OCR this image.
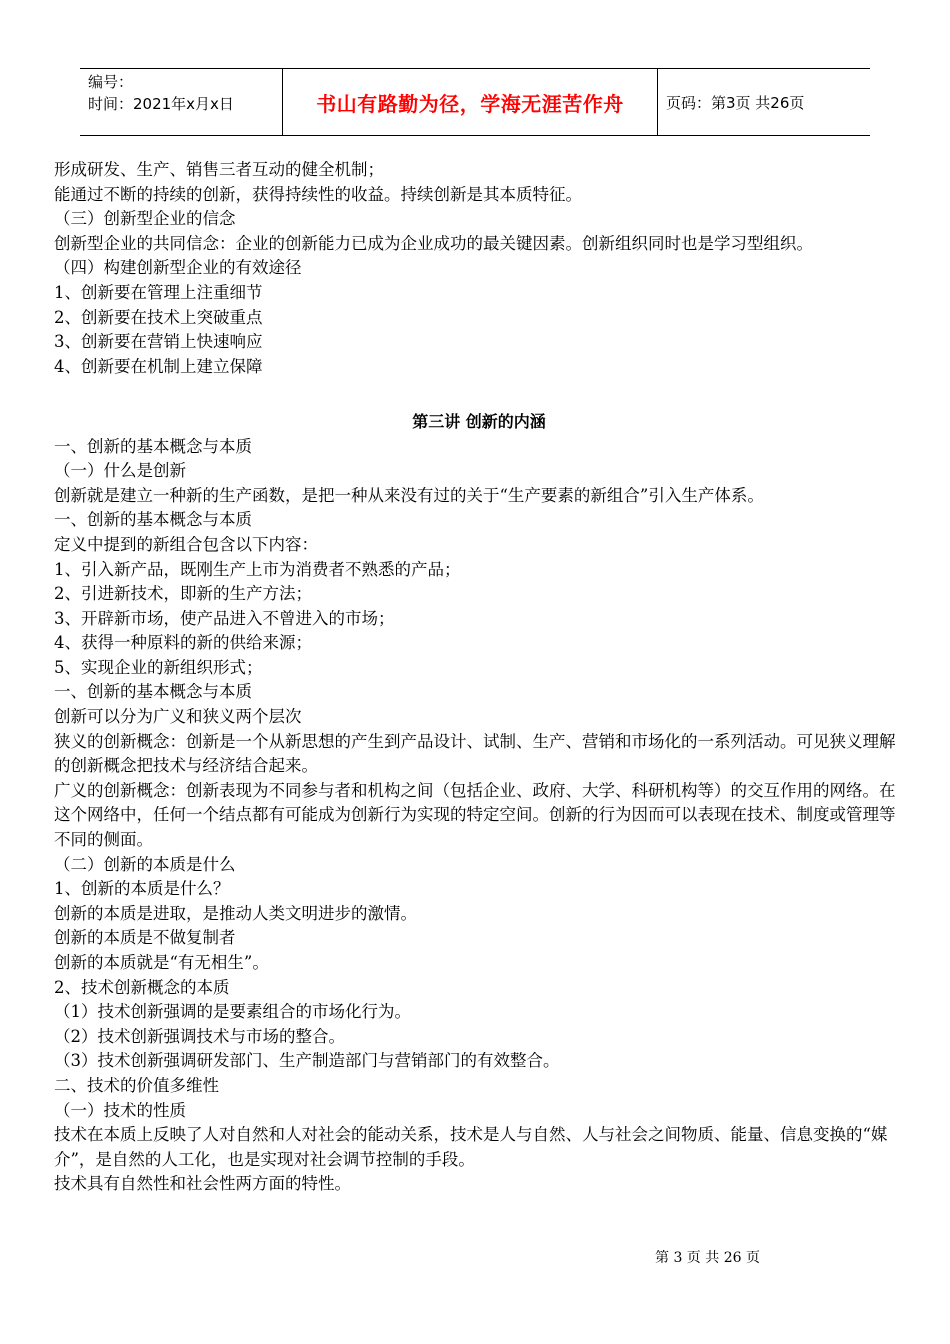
编号：
时间：2021年x月x日	书山有路勤为径，学海无涯苦作舟	页码：第3页 共26页

形成研发、生产、销售三者互动的健全机制；

能通过不断的持续的创新，获得持续性的收益。持续创新是其本质特征。

（三）创新型企业的信念

创新型企业的共同信念：企业的创新能力已成为企业成功的最关键因素。创新组织同时也是学习型组织。

（四）构建创新型企业的有效途径

1、创新要在管理上注重细节

2、创新要在技术上突破重点

3、创新要在营销上快速响应

4、创新要在机制上建立保障

第三讲 创新的内涵

一、创新的基本概念与本质

（一）什么是创新

创新就是建立一种新的生产函数，是把一种从来没有过的关于“生产要素的新组合”引入生产体系。

一、创新的基本概念与本质

定义中提到的新组合包含以下内容：

1、引入新产品，既刚生产上市为消费者不熟悉的产品；

2、引进新技术，即新的生产方法；

3、开辟新市场，使产品进入不曾进入的市场；

4、获得一种原料的新的供给来源；

5、实现企业的新组织形式；

一、创新的基本概念与本质

创新可以分为广义和狭义两个层次

狭义的创新概念：创新是一个从新思想的产生到产品设计、试制、生产、营销和市场化的一系列活动。可见狭义理解的创新概念把技术与经济结合起来。

广义的创新概念：创新表现为不同参与者和机构之间（包括企业、政府、大学、科研机构等）的交互作用的网络。在这个网络中，任何一个结点都有可能成为创新行为实现的特定空间。创新的行为因而可以表现在技术、制度或管理等不同的侧面。

（二）创新的本质是什么

1、创新的本质是什么？

创新的本质是进取，是推动人类文明进步的激情。

创新的本质是不做复制者

创新的本质就是“有无相生”。

2、技术创新概念的本质

（1）技术创新强调的是要素组合的市场化行为。

（2）技术创新强调技术与市场的整合。

（3）技术创新强调研发部门、生产制造部门与营销部门的有效整合。

二、技术的价值多维性

（一）技术的性质

技术在本质上反映了人对自然和人对社会的能动关系，技术是人与自然、人与社会之间物质、能量、信息变换的“媒介”，是自然的人工化，也是实现对社会调节控制的手段。

技术具有自然性和社会性两方面的特性。

第 3 页 共 26 页
